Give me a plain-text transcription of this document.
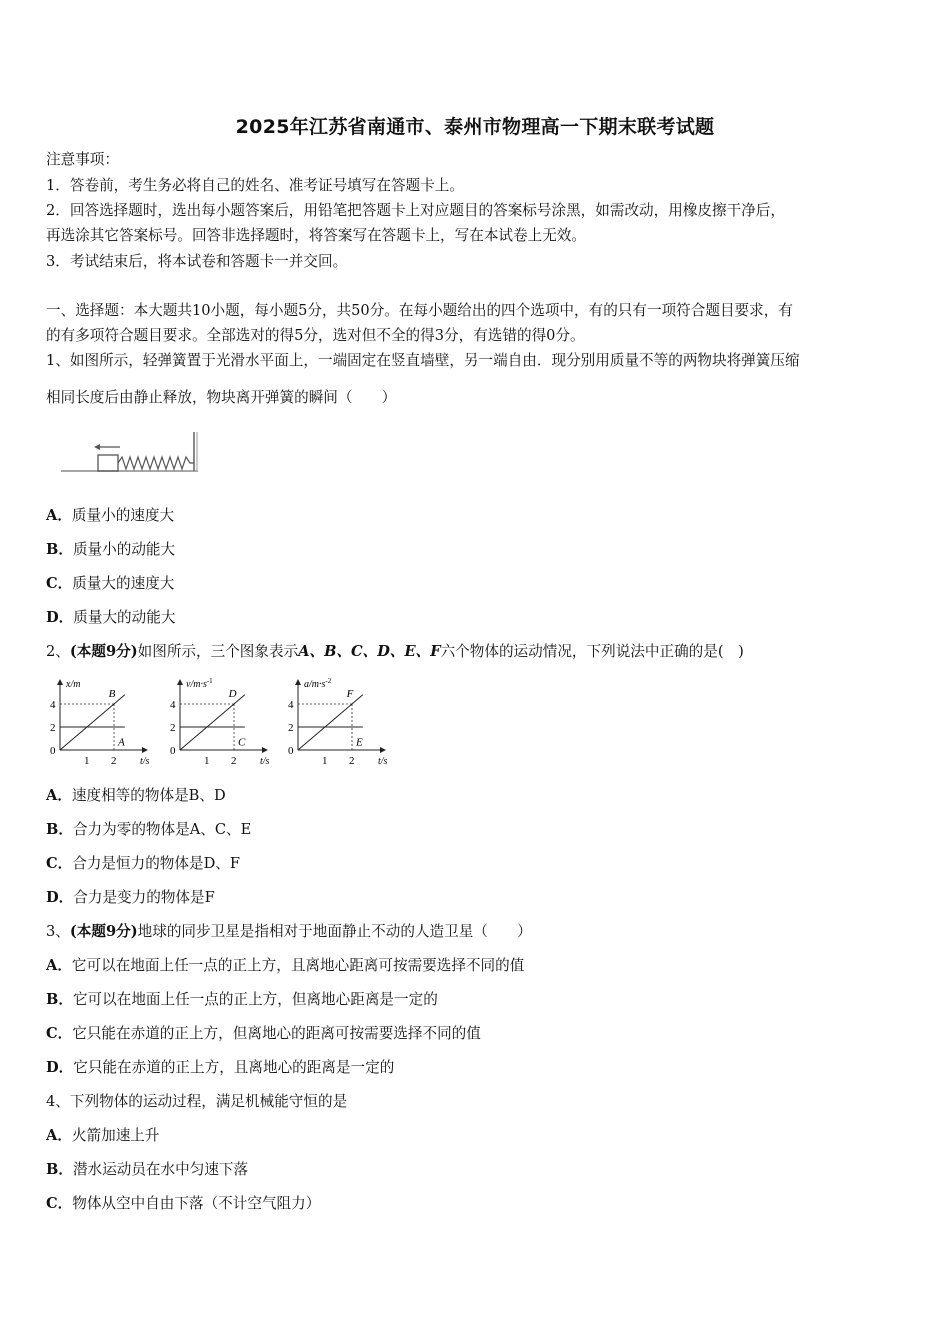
2025年江苏省南通市、泰州市物理高一下期末联考试题
注意事项：
1．答卷前，考生务必将自己的姓名、准考证号填写在答题卡上。
2．回答选择题时，选出每小题答案后，用铅笔把答题卡上对应题目的答案标号涂黑，如需改动，用橡皮擦干净后，
再选涂其它答案标号。回答非选择题时，将答案写在答题卡上，写在本试卷上无效。
3．考试结束后，将本试卷和答题卡一并交回。
一、选择题：本大题共10小题，每小题5分，共50分。在每小题给出的四个选项中，有的只有一项符合题目要求，有
的有多项符合题目要求。全部选对的得5分，选对但不全的得3分，有选错的得0分。
1、如图所示，轻弹簧置于光滑水平面上，一端固定在竖直墙壁，另一端自由．现分别用质量不等的两物块将弹簧压缩
相同长度后由静止释放，物块离开弹簧的瞬间（　　）
A．质量小的速度大
B．质量小的动能大
C．质量大的速度大
D．质量大的动能大
2、(本题9分)如图所示，三个图象表示A、B、C、D、E、F六个物体的运动情况，下列说法中正确的是(　)
x/m
t/s
0
2
4
1 2
B
A
$v/m\cdot s^{-1}$
t/s
0
2
4
1 2
D
C
$a/m\cdot s^{-2}$
t/s
0
2
4
1 2
F
E
A．速度相等的物体是B、D
B．合力为零的物体是A、C、E
C．合力是恒力的物体是D、F
D．合力是变力的物体是F
3、(本题9分)地球的同步卫星是指相对于地面静止不动的人造卫星（　　）
A．它可以在地面上任一点的正上方，且离地心距离可按需要选择不同的值
B．它可以在地面上任一点的正上方，但离地心距离是一定的
C．它只能在赤道的正上方，但离地心的距离可按需要选择不同的值
D．它只能在赤道的正上方，且离地心的距离是一定的
4、下列物体的运动过程，满足机械能守恒的是
A．火箭加速上升
B．潜水运动员在水中匀速下落
C．物体从空中自由下落（不计空气阻力）
